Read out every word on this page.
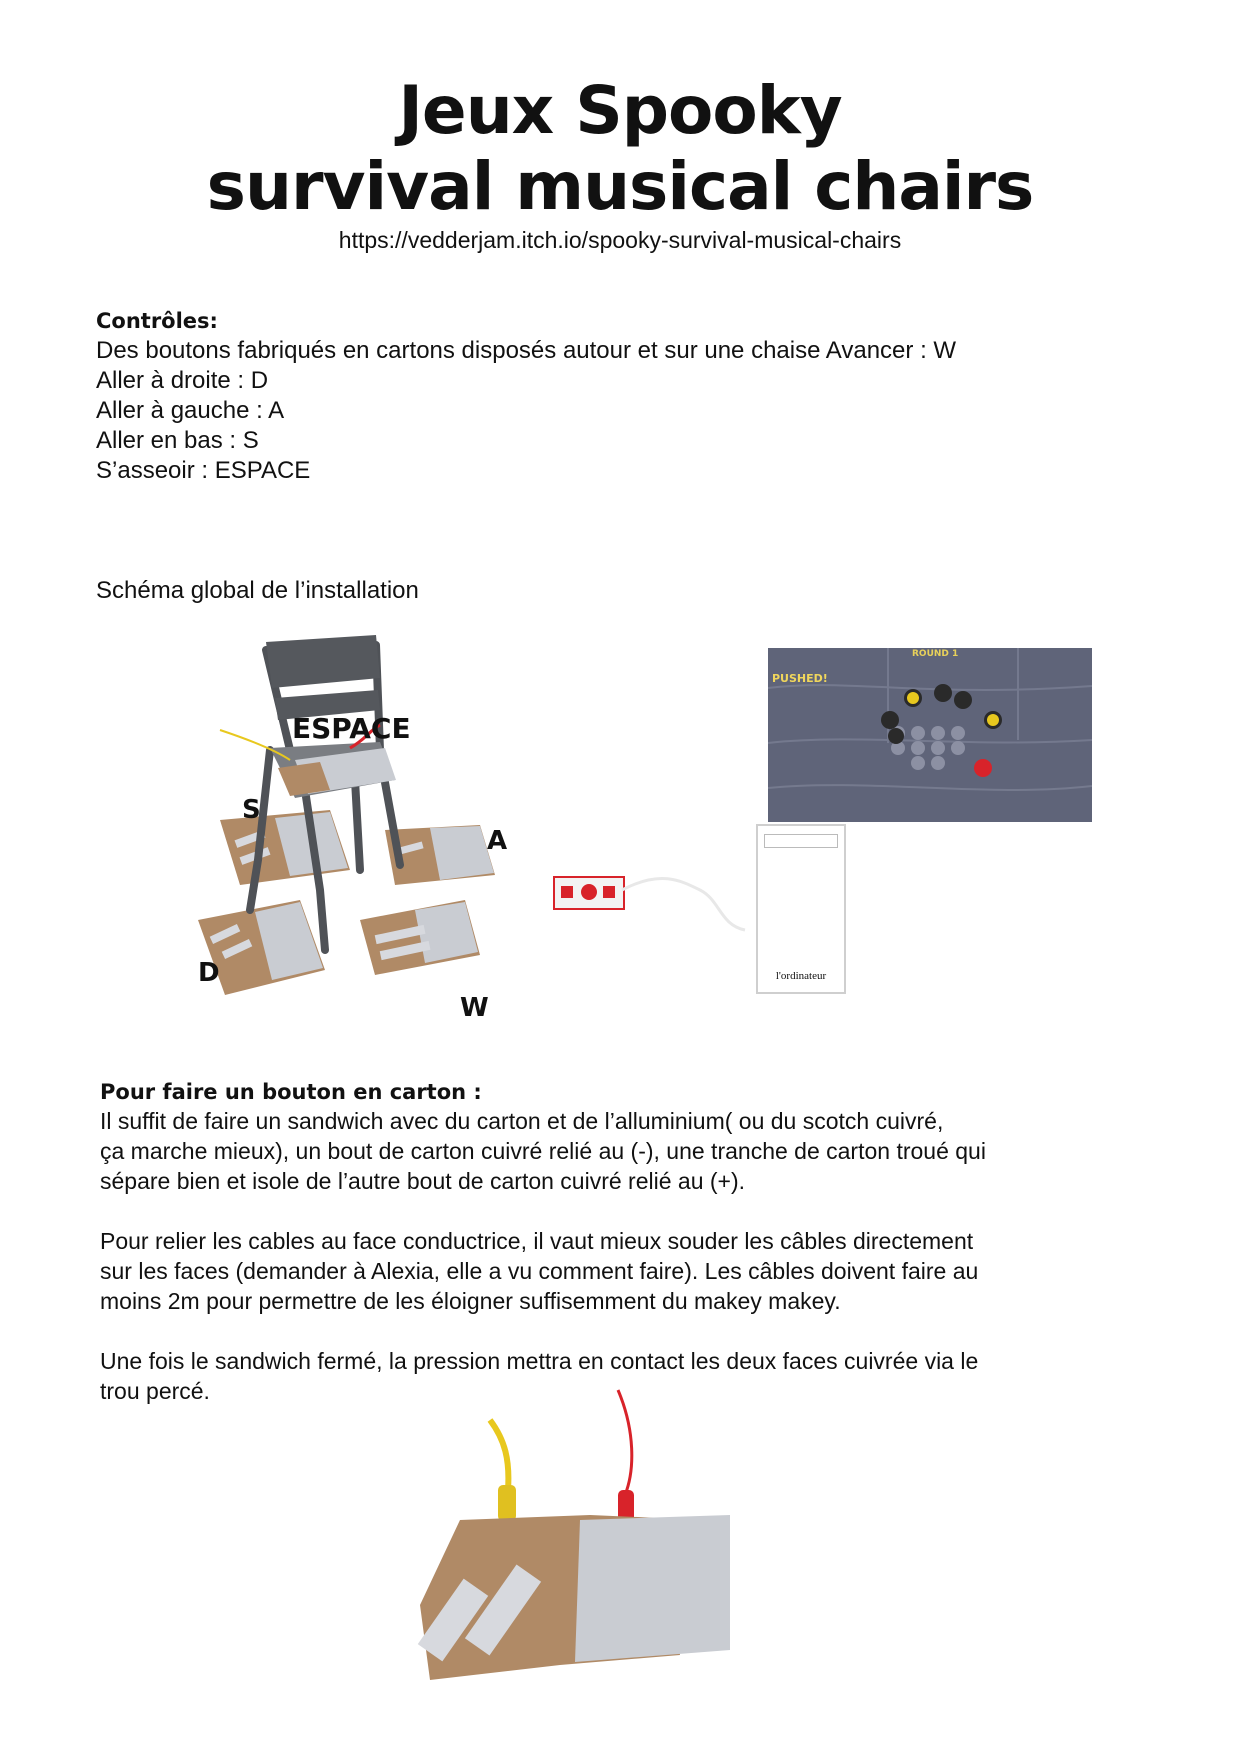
Jeux Spooky
survival musical chairs
https://vedderjam.itch.io/spooky-survival-musical-chairs
Contrôles:
Des boutons fabriqués en cartons disposés autour et sur une chaise Avancer : W
Aller à droite : D
Aller à gauche : A
Aller en bas : S
S’asseoir : ESPACE
Schéma global de l’installation
ESPACE
S
A
D
W
ROUND 1
PUSHED!
l'ordinateur
Pour faire un bouton en carton :
Il suffit de faire un sandwich avec du carton et de l’alluminium( ou du scotch cuivré,
ça marche mieux), un bout de carton cuivré relié au (-), une tranche de carton troué qui
sépare bien et isole de l’autre bout de carton cuivré relié au (+).
Pour relier les cables au face conductrice, il vaut mieux souder les câbles directement
sur les faces (demander à Alexia, elle a vu comment faire). Les câbles doivent faire au
moins 2m pour permettre de les éloigner suffisemment du makey makey.
Une fois le sandwich fermé, la pression mettra en contact les deux faces cuivrée via le
trou percé.
